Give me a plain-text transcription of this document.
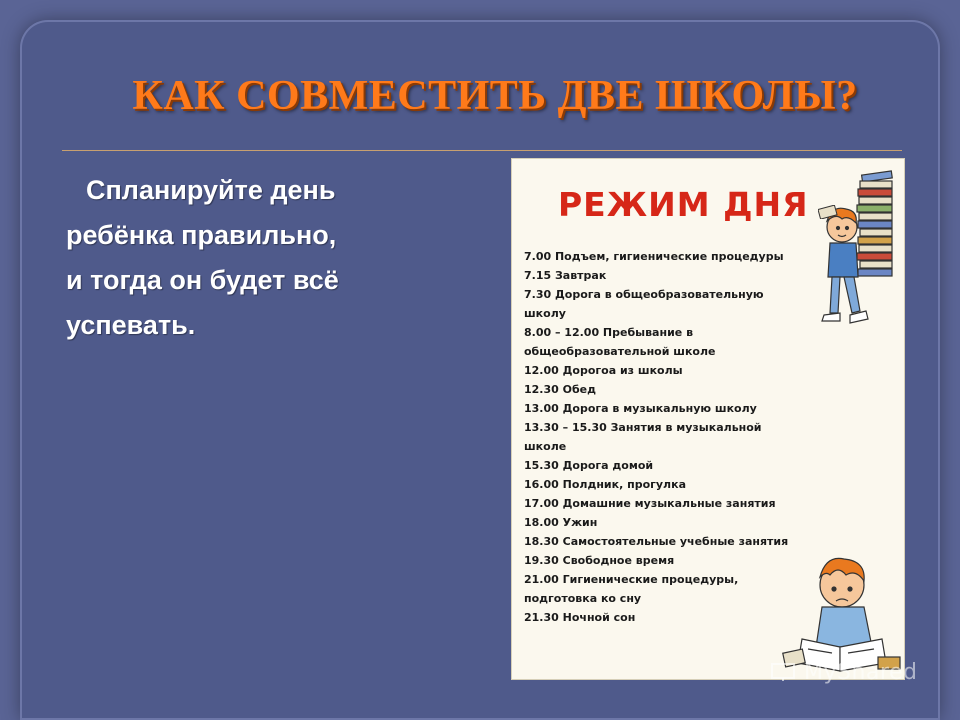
КАК СОВМЕСТИТЬ ДВЕ ШКОЛЫ?
Спланируйте день
ребёнка правильно,
и тогда он будет всё
успевать.
РЕЖИМ ДНЯ
7.00 Подъем, гигиенические процедуры
7.15 Завтрак
7.30 Дорога в общеобразовательную
школу
8.00 – 12.00 Пребывание в
общеобразовательной школе
12.00 Дорогоа из школы
12.30 Обед
13.00 Дорога в музыкальную школу
13.30 – 15.30 Занятия в музыкальной
школе
15.30 Дорога домой
16.00 Полдник, прогулка
17.00 Домашние музыкальные занятия
18.00 Ужин
18.30 Самостоятельные учебные занятия
19.30 Свободное время
21.00 Гигиенические процедуры,
подготовка ко сну
21.30 Ночной сон
MyShared
